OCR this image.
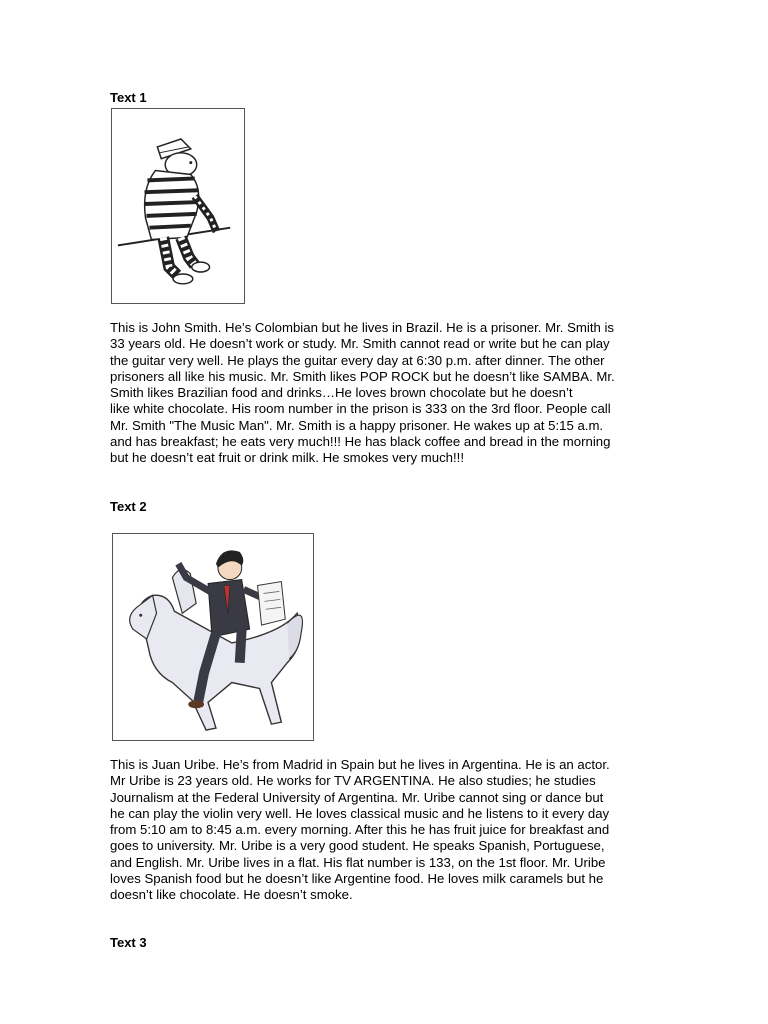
Text 1
This is John Smith. He’s Colombian but he lives in Brazil. He is a prisoner. Mr. Smith is
33 years old. He doesn’t work or study. Mr. Smith cannot read or write but he can play
the guitar very well. He plays the guitar every day at 6:30 p.m. after dinner. The other
prisoners all like his music. Mr. Smith likes POP ROCK but he doesn’t like SAMBA. Mr.
Smith likes Brazilian food and drinks…He loves brown chocolate but he doesn’t
like white chocolate. His room number in the prison is 333 on the 3rd floor. People call
Mr. Smith "The Music Man". Mr. Smith is a happy prisoner. He wakes up at 5:15 a.m.
and has breakfast; he eats very much!!! He has black coffee and bread in the morning
but he doesn’t eat fruit or drink milk. He smokes very much!!!
Text 2
This is Juan Uribe. He’s from Madrid in Spain but he lives in Argentina. He is an actor.
Mr Uribe is 23 years old. He works for TV ARGENTINA. He also studies; he studies
Journalism at the Federal University of Argentina. Mr. Uribe cannot sing or dance but
he can play the violin very well. He loves classical music and he listens to it every day
from 5:10 am to 8:45 a.m. every morning. After this he has fruit juice for breakfast and
goes to university. Mr. Uribe is a very good student. He speaks Spanish, Portuguese,
and English. Mr. Uribe lives in a flat. His flat number is 133, on the 1st floor. Mr. Uribe
loves Spanish food but he doesn’t like Argentine food. He loves milk caramels but he
doesn’t like chocolate. He doesn’t smoke.
Text 3
